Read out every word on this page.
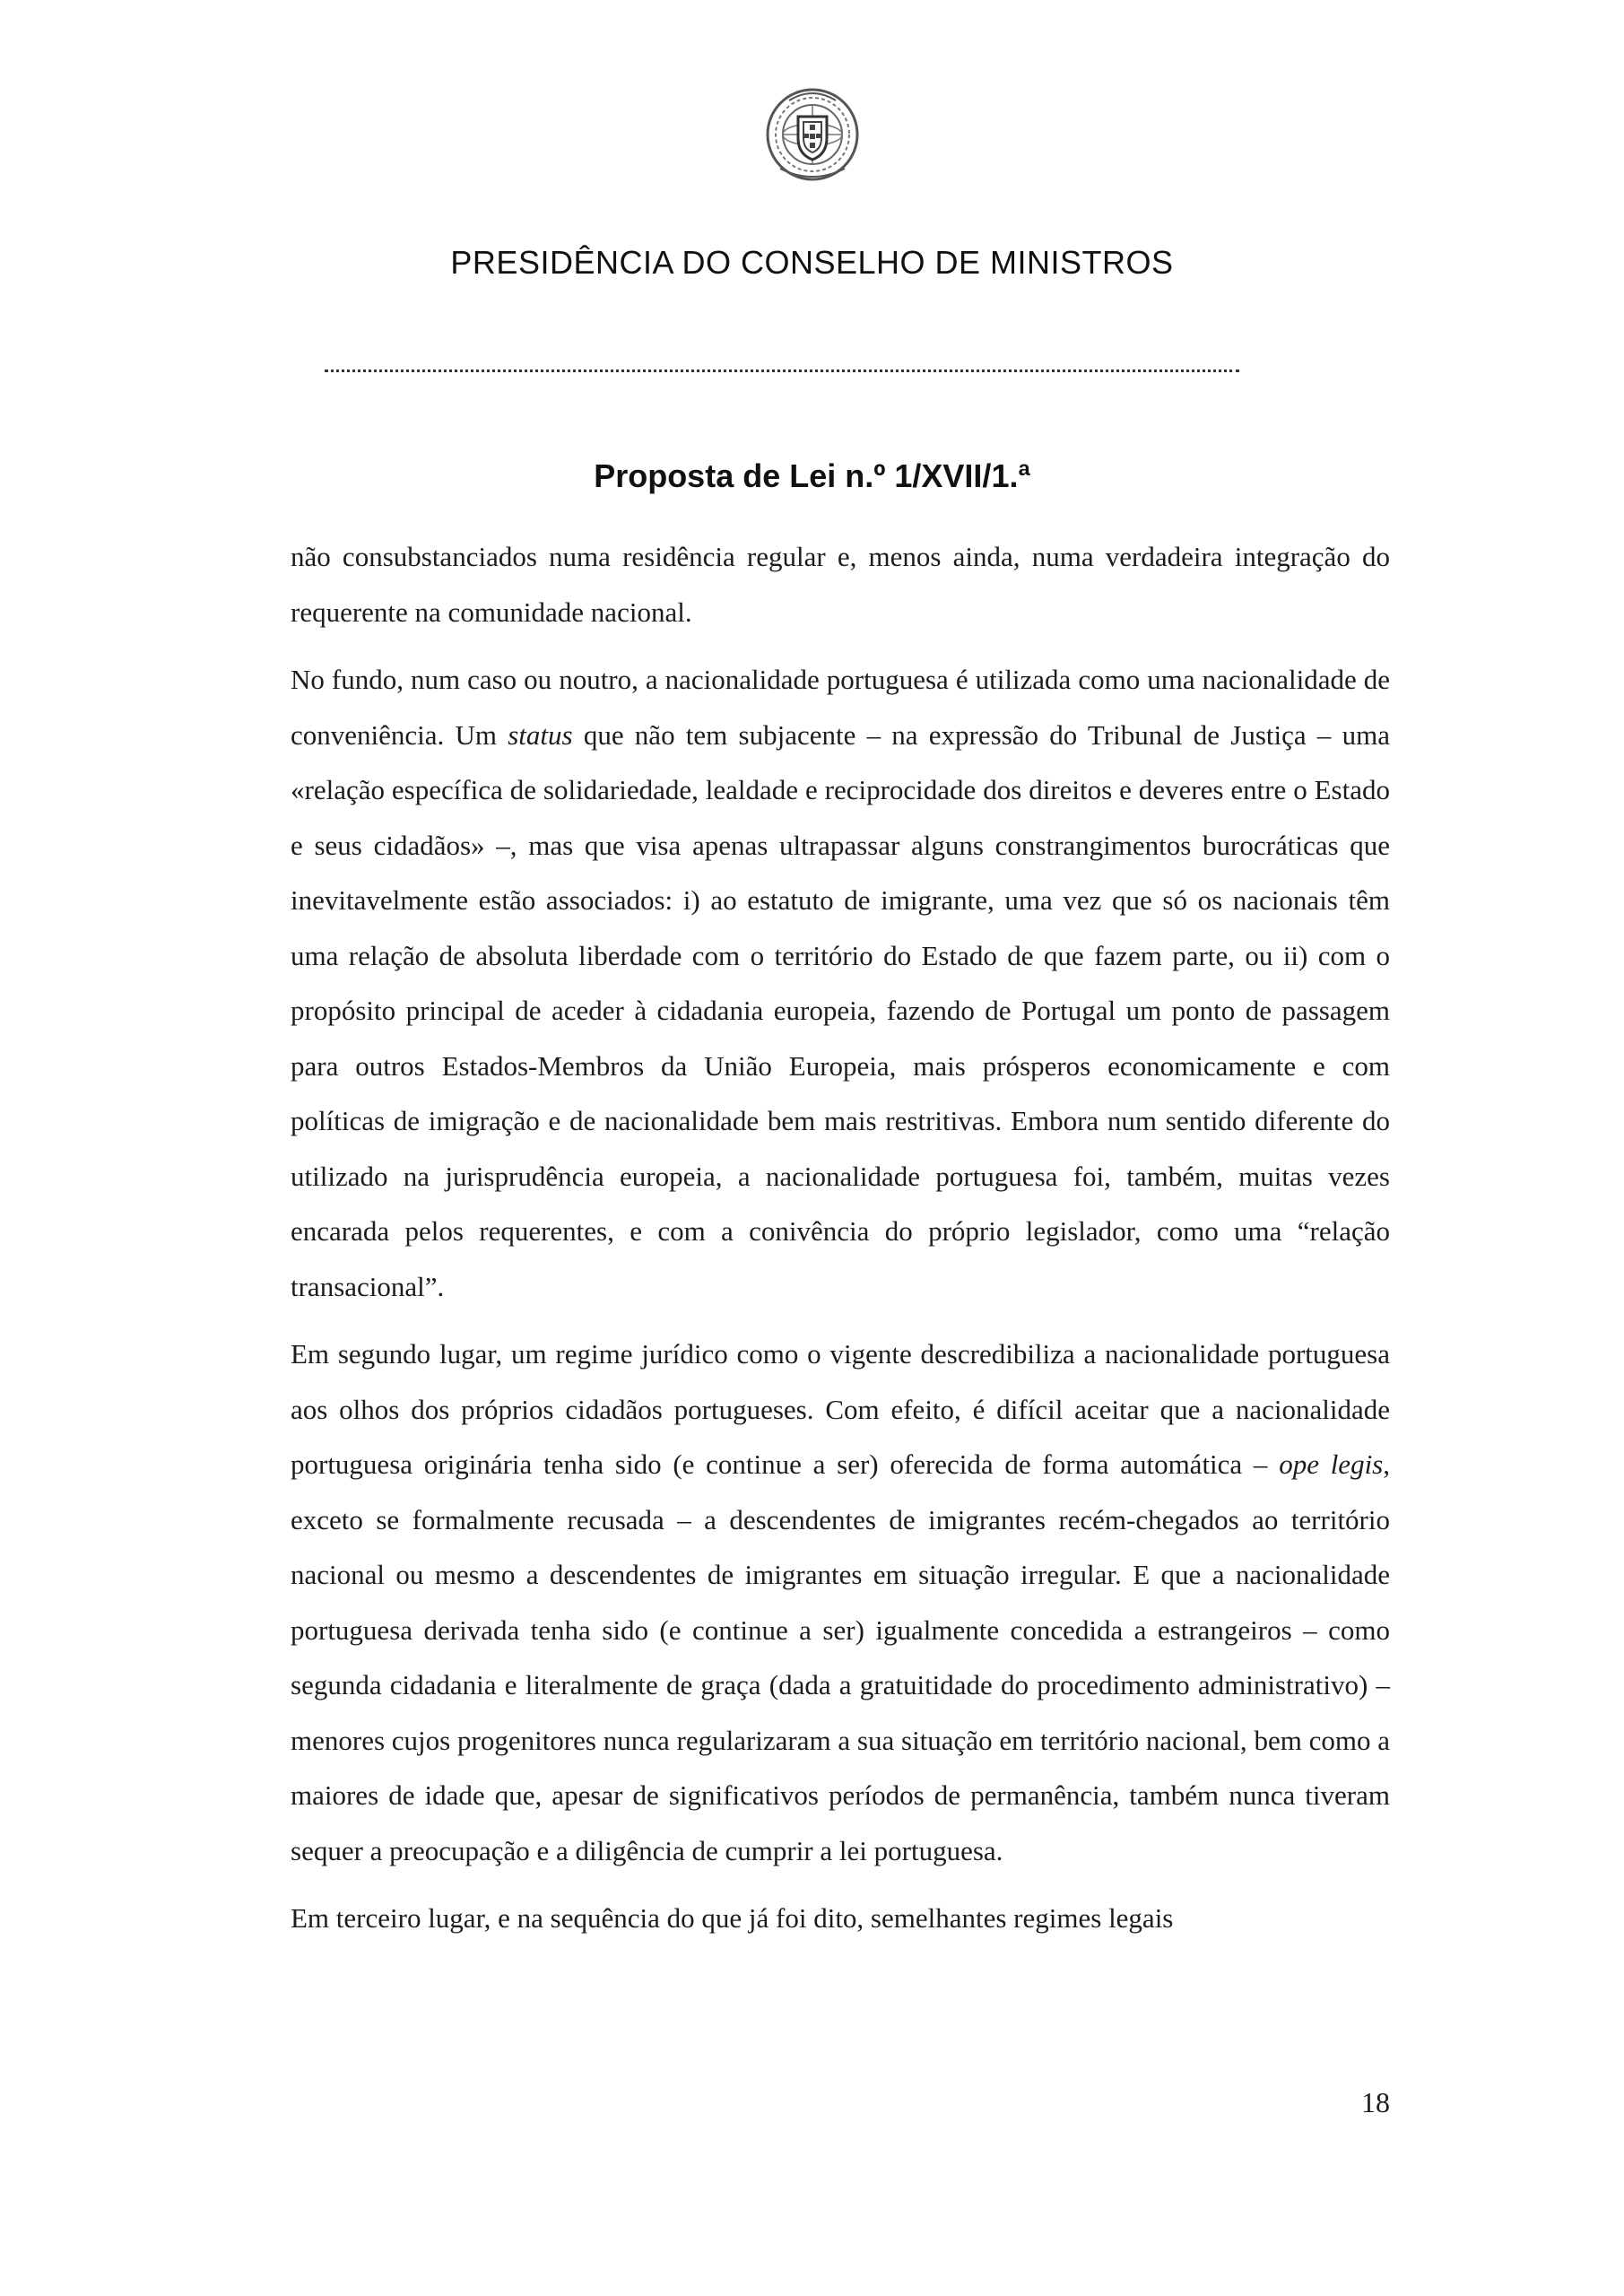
PRESIDÊNCIA DO CONSELHO DE MINISTROS
Proposta de Lei n.º 1/XVII/1.ª

não consubstanciados numa residência regular e, menos ainda, numa verdadeira integração do requerente na comunidade nacional.

No fundo, num caso ou noutro, a nacionalidade portuguesa é utilizada como uma nacionalidade de conveniência. Um status que não tem subjacente – na expressão do Tribunal de Justiça – uma «relação específica de solidariedade, lealdade e reciprocidade dos direitos e deveres entre o Estado e seus cidadãos» –, mas que visa apenas ultrapassar alguns constrangimentos burocráticas que inevitavelmente estão associados: i) ao estatuto de imigrante, uma vez que só os nacionais têm uma relação de absoluta liberdade com o território do Estado de que fazem parte, ou ii) com o propósito principal de aceder à cidadania europeia, fazendo de Portugal um ponto de passagem para outros Estados-Membros da União Europeia, mais prósperos economicamente e com políticas de imigração e de nacionalidade bem mais restritivas. Embora num sentido diferente do utilizado na jurisprudência europeia, a nacionalidade portuguesa foi, também, muitas vezes encarada pelos requerentes, e com a conivência do próprio legislador, como uma “relação transacional”.

Em segundo lugar, um regime jurídico como o vigente descredibiliza a nacionalidade portuguesa aos olhos dos próprios cidadãos portugueses. Com efeito, é difícil aceitar que a nacionalidade portuguesa originária tenha sido (e continue a ser) oferecida de forma automática – ope legis, exceto se formalmente recusada – a descendentes de imigrantes recém-chegados ao território nacional ou mesmo a descendentes de imigrantes em situação irregular. E que a nacionalidade portuguesa derivada tenha sido (e continue a ser) igualmente concedida a estrangeiros – como segunda cidadania e literalmente de graça (dada a gratuitidade do procedimento administrativo) – menores cujos progenitores nunca regularizaram a sua situação em território nacional, bem como a maiores de idade que, apesar de significativos períodos de permanência, também nunca tiveram sequer a preocupação e a diligência de cumprir a lei portuguesa.

Em terceiro lugar, e na sequência do que já foi dito, semelhantes regimes legais

18
